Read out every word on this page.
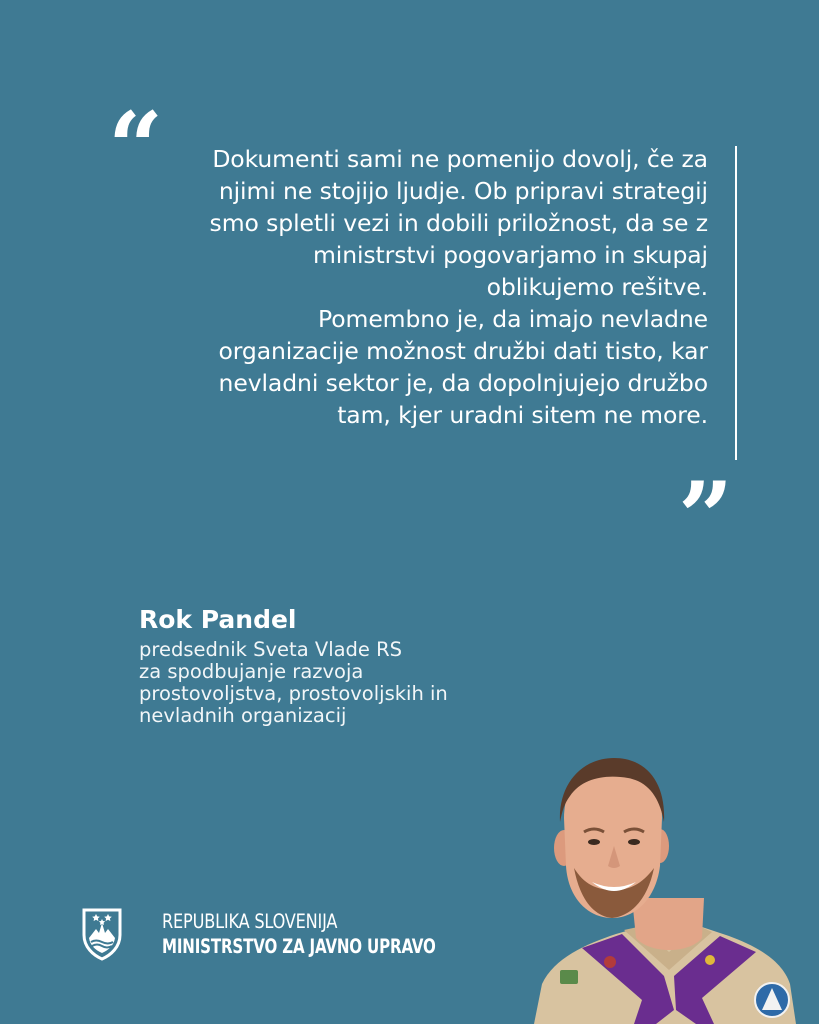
“	Dokumenti sami ne pomenijo dovolj, če za
njimi ne stojijo ljudje. Ob pripravi strategij
smo spletli vezi in dobili priložnost, da se z
ministrstvi pogovarjamo in skupaj
oblikujemo rešitve.
Pomembno je, da imajo nevladne
organizacije možnost družbi dati tisto, kar
nevladni sektor je, da dopolnjujejo družbo
tam, kjer uradni sitem ne more.
”
Rok Pandel
predsednik Sveta Vlade RS
za spodbujanje razvoja
prostovoljstva, prostovoljskih in
nevladnih organizacij
REPUBLIKA SLOVENIJA
MINISTRSTVO ZA JAVNO UPRAVO
